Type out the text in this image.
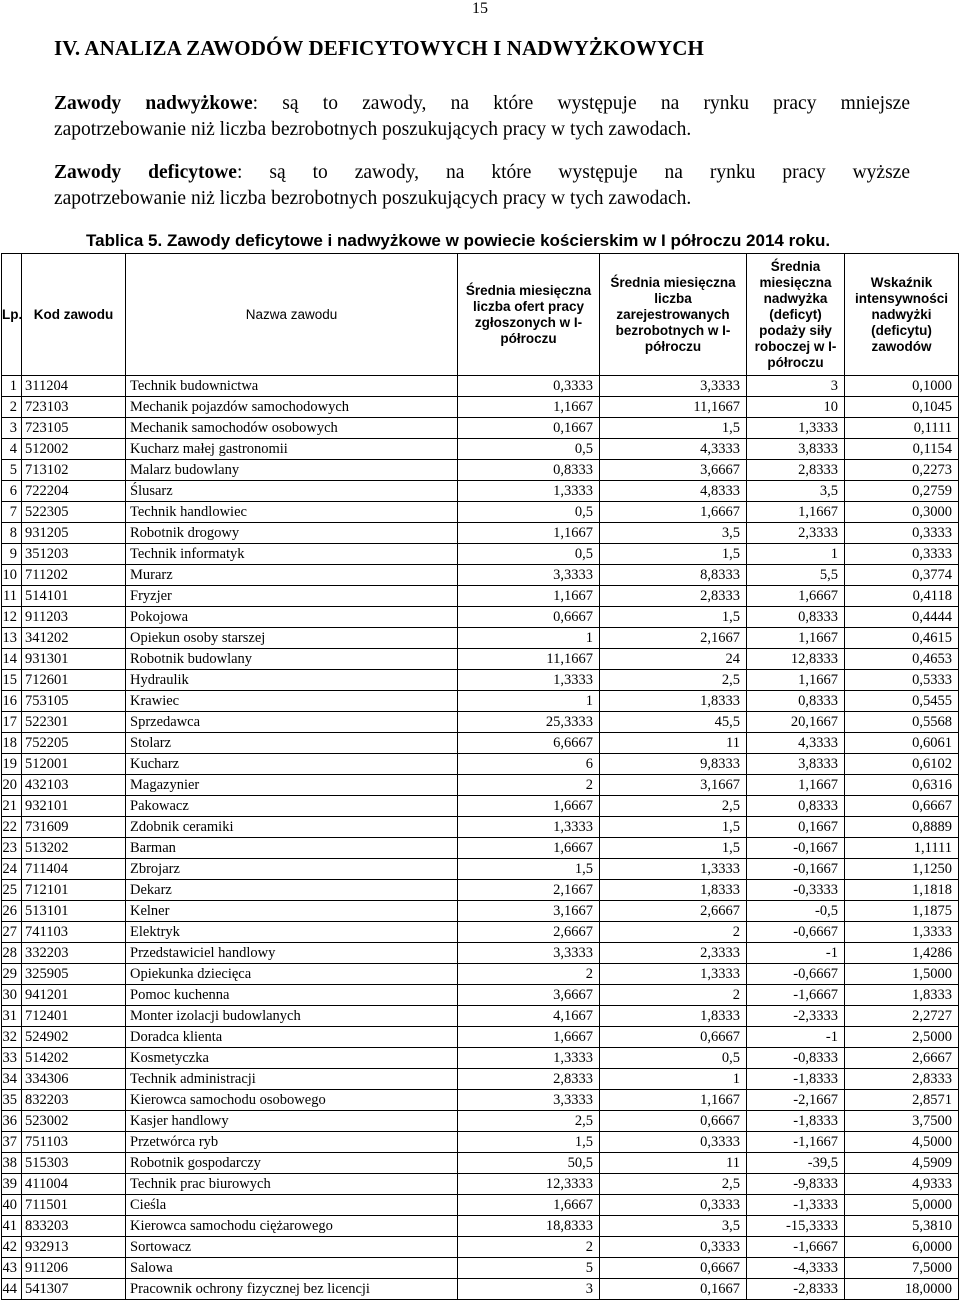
15
IV. ANALIZA ZAWODÓW DEFICYTOWYCH I NADWYŻKOWYCH
Zawody nadwyżkowe: są to zawody, na które występuje na rynku pracy mniejsze
zapotrzebowanie niż liczba bezrobotnych poszukujących pracy w tych zawodach.
Zawody deficytowe: są to zawody, na które występuje na rynku pracy wyższe
zapotrzebowanie niż liczba bezrobotnych poszukujących pracy w tych zawodach.
Tablica 5. Zawody deficytowe i nadwyżkowe w powiecie kościerskim w I półroczu 2014 roku.
Lp.	Kod zawodu	Nazwa zawodu	Średnia miesięczna liczba ofert pracy zgłoszonych w I-półroczu	Średnia miesięczna liczba zarejestrowanych bezrobotnych w I-półroczu	Średnia miesięczna nadwyżka (deficyt) podaży siły roboczej w I-półroczu	Wskaźnik intensywności nadwyżki (deficytu) zawodów
1	311204	Technik budownictwa	0,3333	3,3333	3	0,1000
2	723103	Mechanik pojazdów samochodowych	1,1667	11,1667	10	0,1045
3	723105	Mechanik samochodów osobowych	0,1667	1,5	1,3333	0,1111
4	512002	Kucharz małej gastronomii	0,5	4,3333	3,8333	0,1154
5	713102	Malarz budowlany	0,8333	3,6667	2,8333	0,2273
6	722204	Ślusarz	1,3333	4,8333	3,5	0,2759
7	522305	Technik handlowiec	0,5	1,6667	1,1667	0,3000
8	931205	Robotnik drogowy	1,1667	3,5	2,3333	0,3333
9	351203	Technik informatyk	0,5	1,5	1	0,3333
10	711202	Murarz	3,3333	8,8333	5,5	0,3774
11	514101	Fryzjer	1,1667	2,8333	1,6667	0,4118
12	911203	Pokojowa	0,6667	1,5	0,8333	0,4444
13	341202	Opiekun osoby starszej	1	2,1667	1,1667	0,4615
14	931301	Robotnik budowlany	11,1667	24	12,8333	0,4653
15	712601	Hydraulik	1,3333	2,5	1,1667	0,5333
16	753105	Krawiec	1	1,8333	0,8333	0,5455
17	522301	Sprzedawca	25,3333	45,5	20,1667	0,5568
18	752205	Stolarz	6,6667	11	4,3333	0,6061
19	512001	Kucharz	6	9,8333	3,8333	0,6102
20	432103	Magazynier	2	3,1667	1,1667	0,6316
21	932101	Pakowacz	1,6667	2,5	0,8333	0,6667
22	731609	Zdobnik ceramiki	1,3333	1,5	0,1667	0,8889
23	513202	Barman	1,6667	1,5	-0,1667	1,1111
24	711404	Zbrojarz	1,5	1,3333	-0,1667	1,1250
25	712101	Dekarz	2,1667	1,8333	-0,3333	1,1818
26	513101	Kelner	3,1667	2,6667	-0,5	1,1875
27	741103	Elektryk	2,6667	2	-0,6667	1,3333
28	332203	Przedstawiciel handlowy	3,3333	2,3333	-1	1,4286
29	325905	Opiekunka dziecięca	2	1,3333	-0,6667	1,5000
30	941201	Pomoc kuchenna	3,6667	2	-1,6667	1,8333
31	712401	Monter izolacji budowlanych	4,1667	1,8333	-2,3333	2,2727
32	524902	Doradca klienta	1,6667	0,6667	-1	2,5000
33	514202	Kosmetyczka	1,3333	0,5	-0,8333	2,6667
34	334306	Technik administracji	2,8333	1	-1,8333	2,8333
35	832203	Kierowca samochodu osobowego	3,3333	1,1667	-2,1667	2,8571
36	523002	Kasjer handlowy	2,5	0,6667	-1,8333	3,7500
37	751103	Przetwórca ryb	1,5	0,3333	-1,1667	4,5000
38	515303	Robotnik gospodarczy	50,5	11	-39,5	4,5909
39	411004	Technik prac biurowych	12,3333	2,5	-9,8333	4,9333
40	711501	Cieśla	1,6667	0,3333	-1,3333	5,0000
41	833203	Kierowca samochodu ciężarowego	18,8333	3,5	-15,3333	5,3810
42	932913	Sortowacz	2	0,3333	-1,6667	6,0000
43	911206	Salowa	5	0,6667	-4,3333	7,5000
44	541307	Pracownik ochrony fizycznej bez licencji	3	0,1667	-2,8333	18,0000
